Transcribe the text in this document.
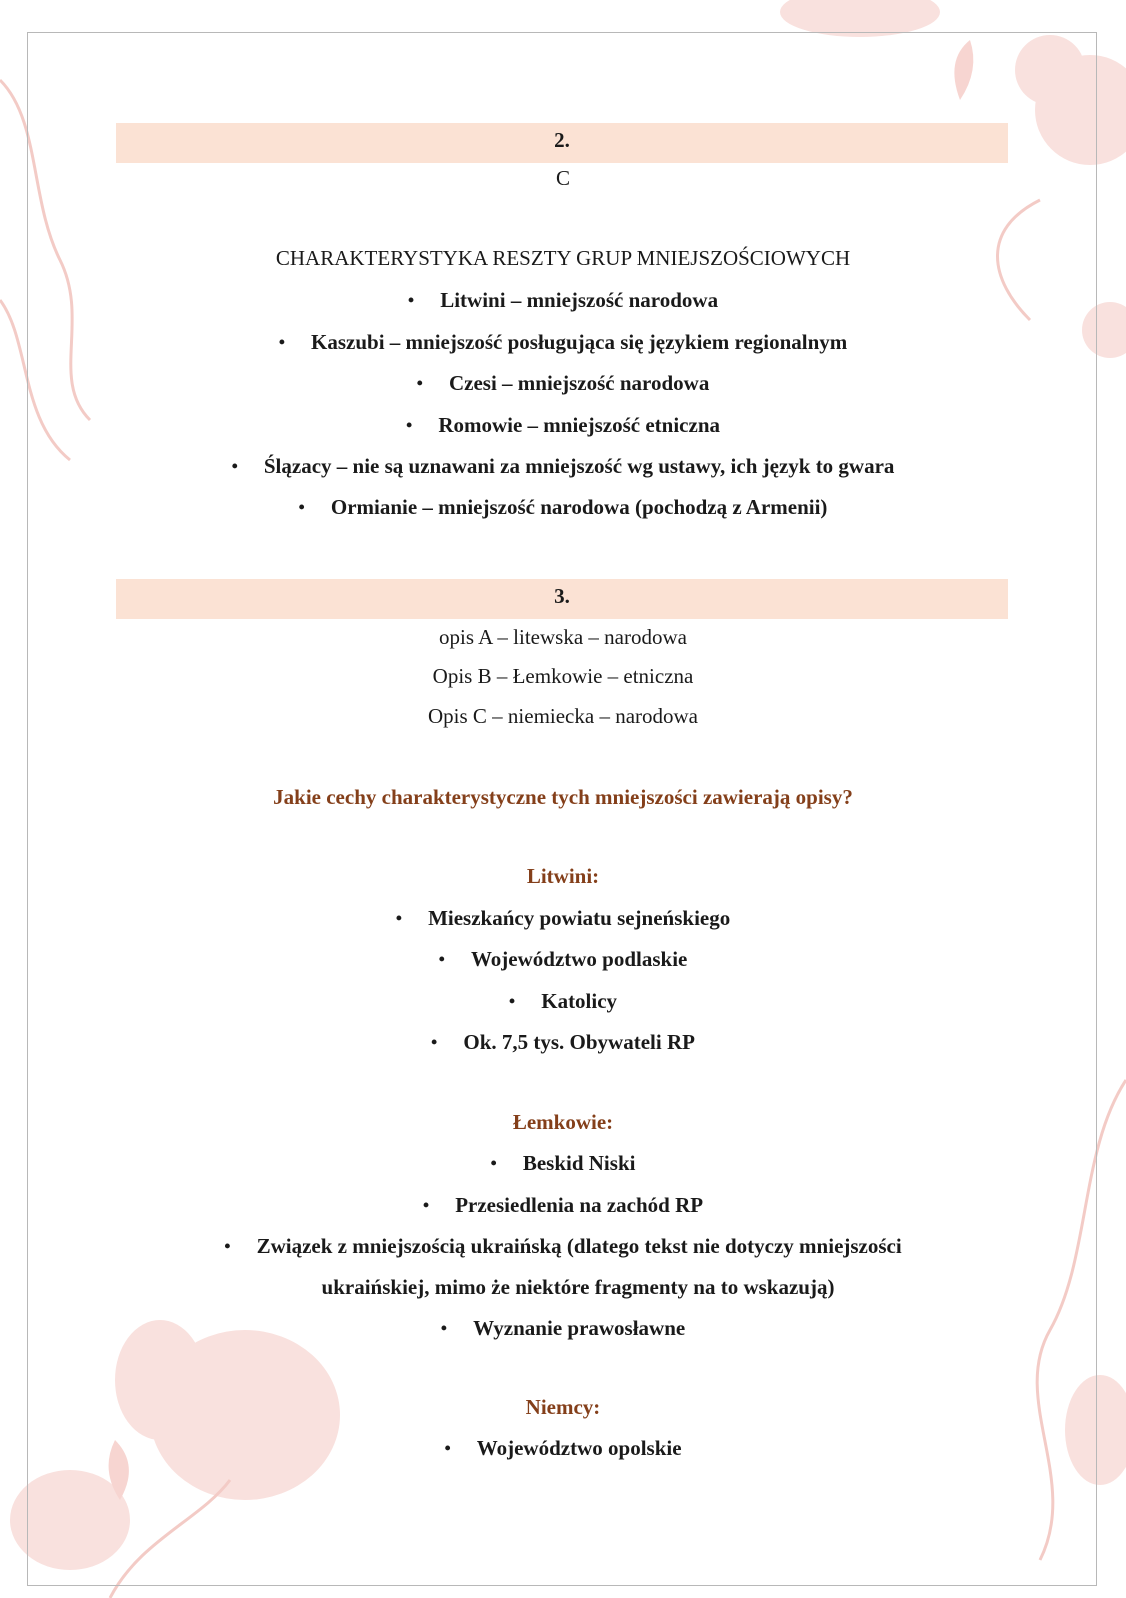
2.
C
CHARAKTERYSTYKA RESZTY GRUP MNIEJSZOŚCIOWYCH
• Litwini – mniejszość narodowa
• Kaszubi – mniejszość posługująca się językiem regionalnym
• Czesi – mniejszość narodowa
• Romowie – mniejszość etniczna
• Ślązacy – nie są uznawani za mniejszość wg ustawy, ich język to gwara
• Ormianie – mniejszość narodowa (pochodzą z Armenii)
3.
opis A – litewska – narodowa
Opis B – Łemkowie – etniczna
Opis C – niemiecka – narodowa
Jakie cechy charakterystyczne tych mniejszości zawierają opisy?
Litwini:
• Mieszkańcy powiatu sejneńskiego
• Województwo podlaskie
• Katolicy
• Ok. 7,5 tys. Obywateli RP
Łemkowie:
• Beskid Niski
• Przesiedlenia na zachód RP
• Związek z mniejszością ukraińską (dlatego tekst nie dotyczy mniejszości
ukraińskiej, mimo że niektóre fragmenty na to wskazują)
• Wyznanie prawosławne
Niemcy:
• Województwo opolskie
